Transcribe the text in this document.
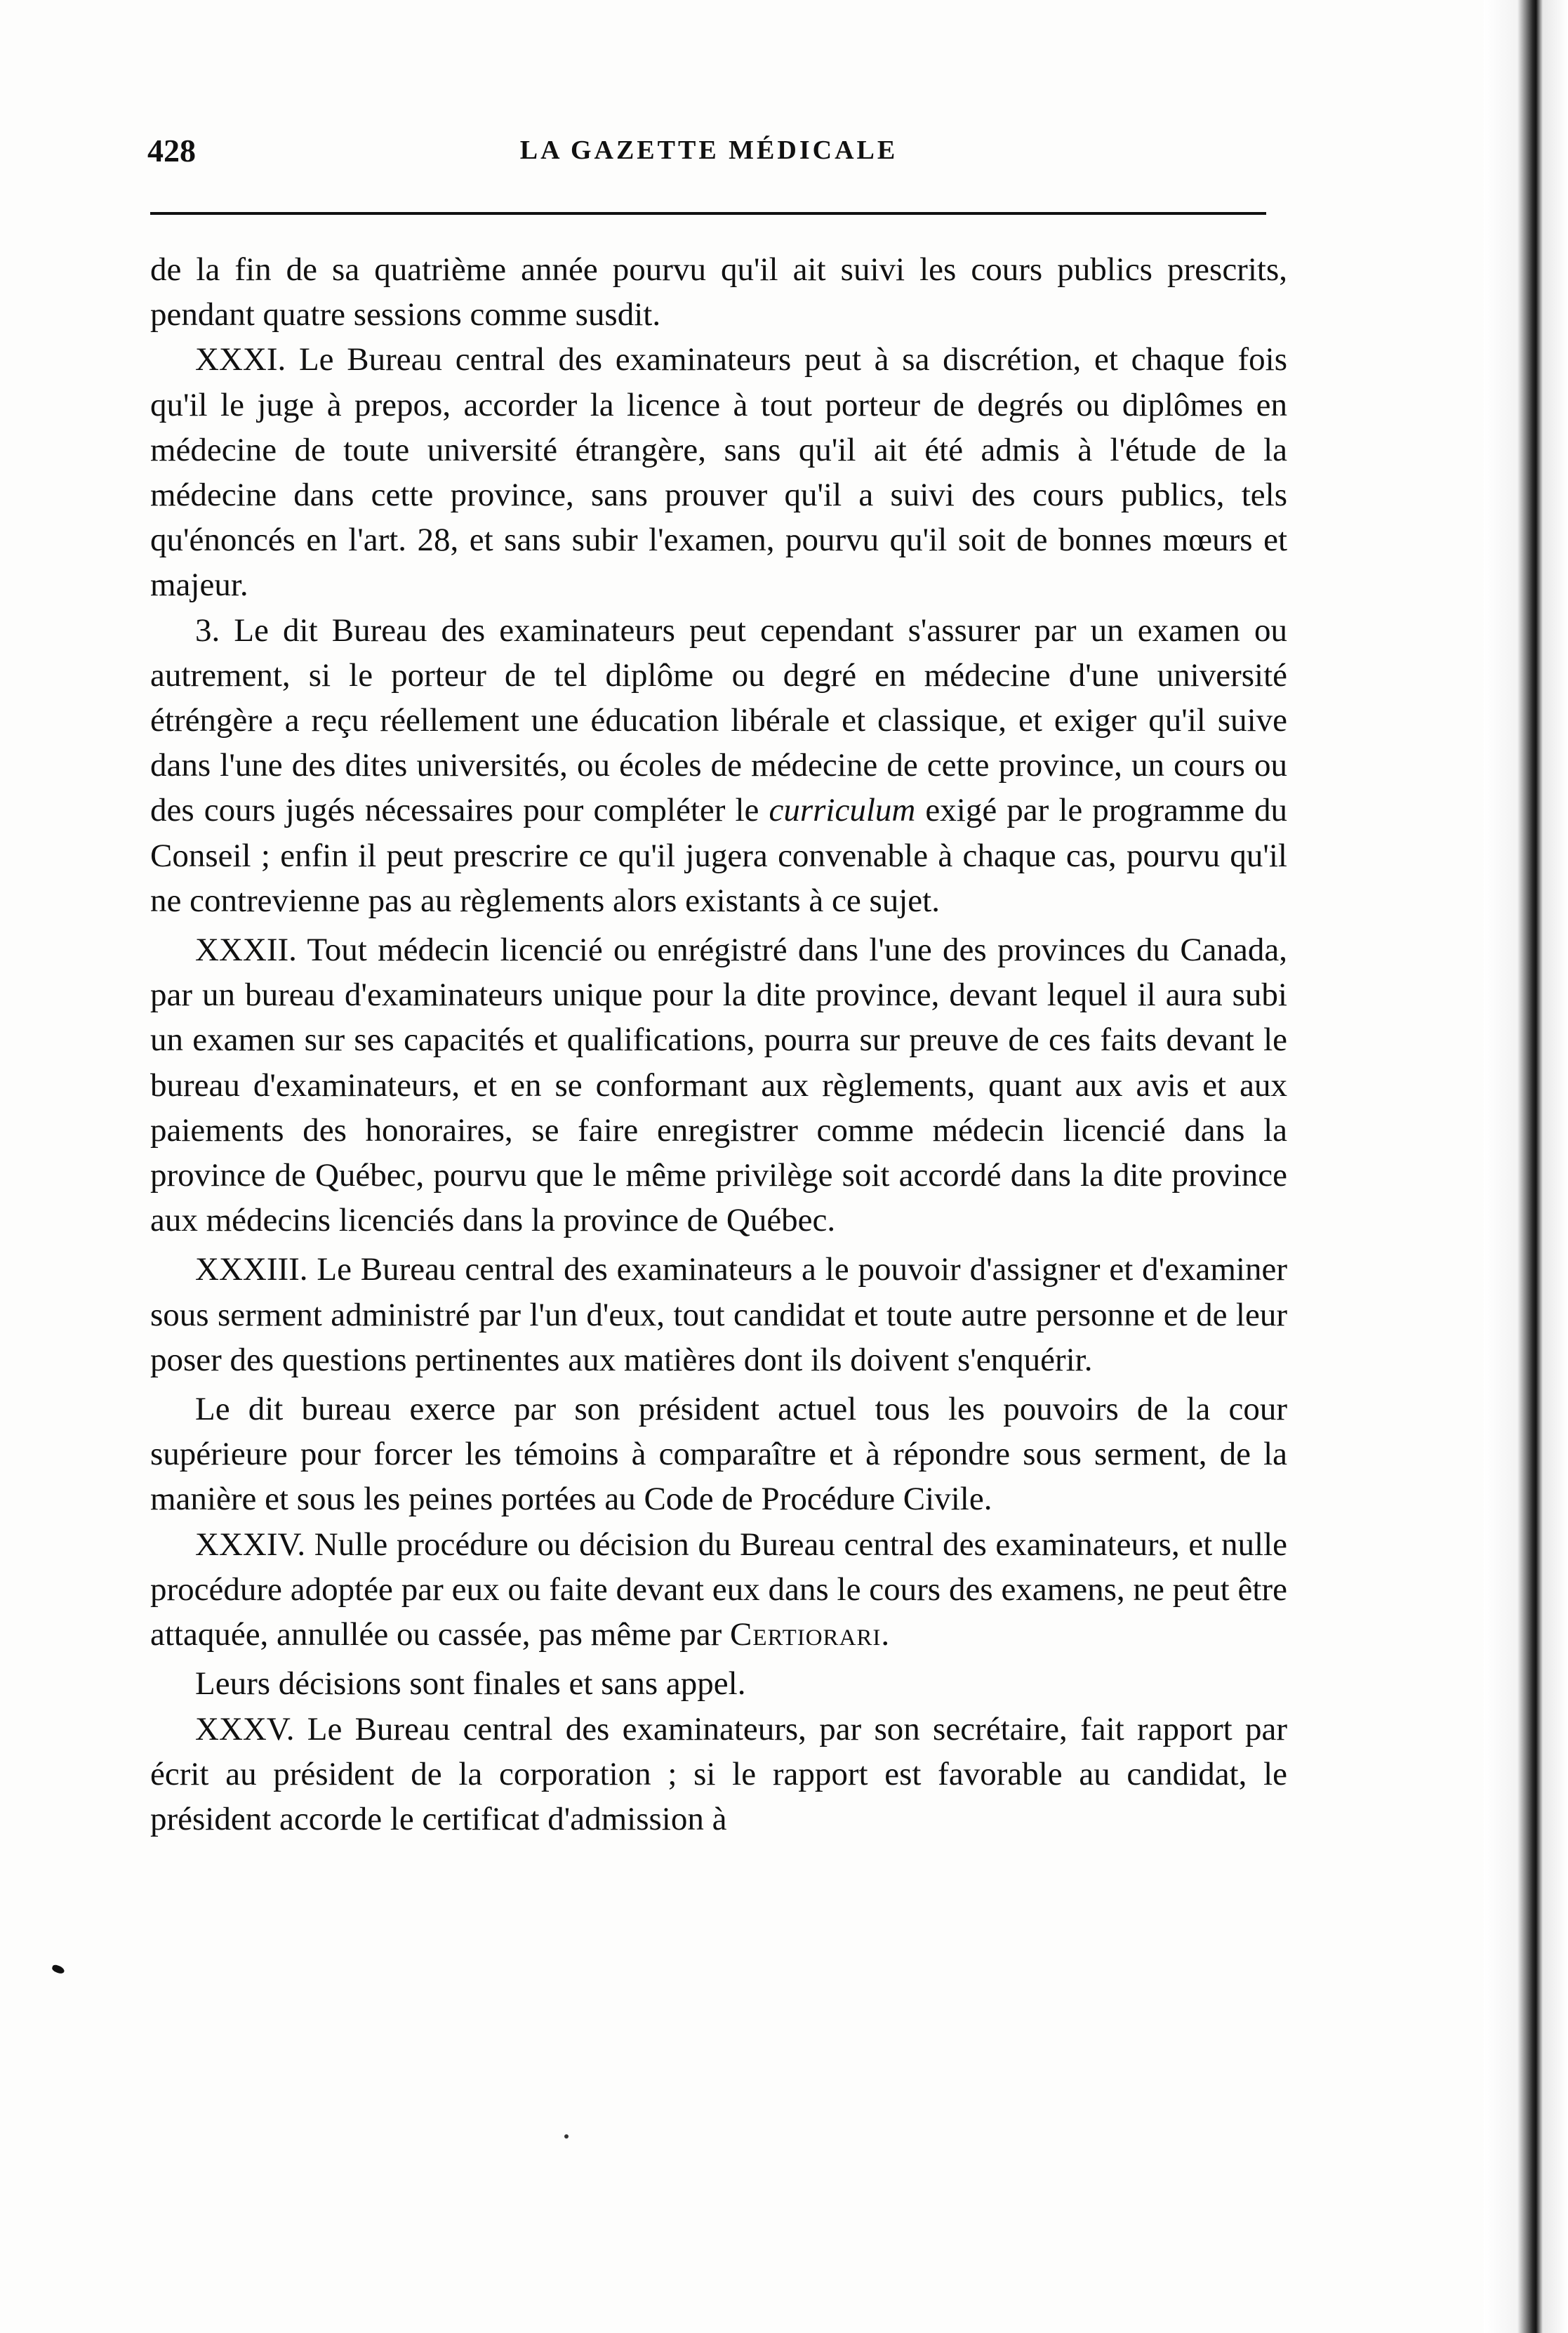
428	LA GAZETTE MÉDICALE

de la fin de sa quatrième année pourvu qu'il ait suivi les cours publics prescrits, pendant quatre sessions comme susdit.

XXXI. Le Bureau central des examinateurs peut à sa discrétion, et chaque fois qu'il le juge à prepos, accorder la licence à tout porteur de degrés ou diplômes en médecine de toute université étrangère, sans qu'il ait été admis à l'étude de la médecine dans cette province, sans prouver qu'il a suivi des cours publics, tels qu'énoncés en l'art. 28, et sans subir l'examen, pourvu qu'il soit de bonnes mœurs et majeur.

3. Le dit Bureau des examinateurs peut cependant s'assurer par un examen ou autrement, si le porteur de tel diplôme ou degré en médecine d'une université étréngère a reçu réellement une éducation libérale et classique, et exiger qu'il suive dans l'une des dites universités, ou écoles de médecine de cette province, un cours ou des cours jugés nécessaires pour compléter le curriculum exigé par le programme du Conseil ; enfin il peut prescrire ce qu'il jugera convenable à chaque cas, pourvu qu'il ne contrevienne pas au règlements alors existants à ce sujet.

XXXII. Tout médecin licencié ou enrégistré dans l'une des provinces du Canada, par un bureau d'examinateurs unique pour la dite province, devant lequel il aura subi un examen sur ses capacités et qualifications, pourra sur preuve de ces faits devant le bureau d'examinateurs, et en se conformant aux règlements, quant aux avis et aux paiements des honoraires, se faire enregistrer comme médecin licencié dans la province de Québec, pourvu que le même privilège soit accordé dans la dite province aux médecins licenciés dans la province de Québec.

XXXIII. Le Bureau central des examinateurs a le pouvoir d'assigner et d'examiner sous serment administré par l'un d'eux, tout candidat et toute autre personne et de leur poser des questions pertinentes aux matières dont ils doivent s'enquérir.

Le dit bureau exerce par son président actuel tous les pouvoirs de la cour supérieure pour forcer les témoins à comparaître et à répondre sous serment, de la manière et sous les peines portées au Code de Procédure Civile.

XXXIV. Nulle procédure ou décision du Bureau central des examinateurs, et nulle procédure adoptée par eux ou faite devant eux dans le cours des examens, ne peut être attaquée, annullée ou cassée, pas même par Certiorari.

Leurs décisions sont finales et sans appel.

XXXV. Le Bureau central des examinateurs, par son secrétaire, fait rapport par écrit au président de la corporation ; si le rapport est favorable au candidat, le président accorde le certificat d'admission à
